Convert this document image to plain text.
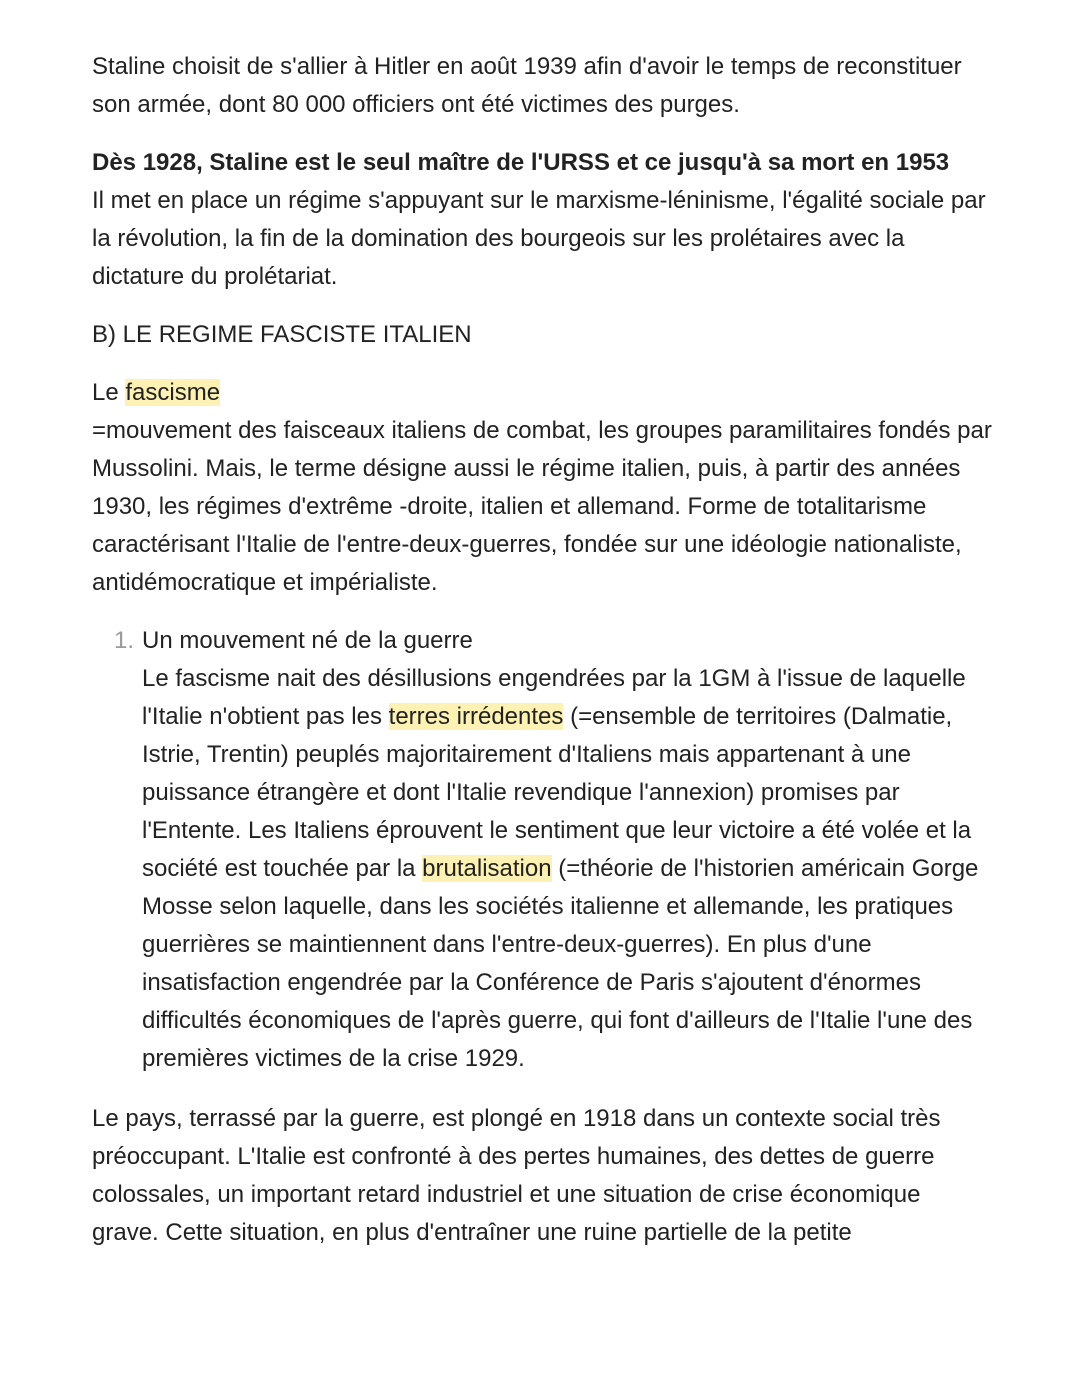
Staline choisit de s'allier à Hitler en août 1939 afin d'avoir le temps de reconstituer son armée, dont 80 000 officiers ont été victimes des purges.

Dès 1928, Staline est le seul maître de l'URSS et ce jusqu'à sa mort en 1953

Il met en place un régime s'appuyant sur le marxisme-léninisme, l'égalité sociale par la révolution, la fin de la domination des bourgeois sur les prolétaires avec la dictature du prolétariat.

B) LE REGIME FASCISTE ITALIEN

Le fascisme

=mouvement des faisceaux italiens de combat, les groupes paramilitaires fondés par Mussolini. Mais, le terme désigne aussi le régime italien, puis, à partir des années 1930, les régimes d'extrême -droite, italien et allemand. Forme de totalitarisme caractérisant l'Italie de l'entre-deux-guerres, fondée sur une idéologie nationaliste, antidémocratique et impérialiste.

1. Un mouvement né de la guerre

Le fascisme nait des désillusions engendrées par la 1GM à l'issue de laquelle l'Italie n'obtient pas les terres irrédentes (=ensemble de territoires (Dalmatie, Istrie, Trentin) peuplés majoritairement d'Italiens mais appartenant à une puissance étrangère et dont l'Italie revendique l'annexion) promises par l'Entente. Les Italiens éprouvent le sentiment que leur victoire a été volée et la société est touchée par la brutalisation (=théorie de l'historien américain Gorge Mosse selon laquelle, dans les sociétés italienne et allemande, les pratiques guerrières se maintiennent dans l'entre-deux-guerres). En plus d'une insatisfaction engendrée par la Conférence de Paris s'ajoutent d'énormes difficultés économiques de l'après guerre, qui font d'ailleurs de l'Italie l'une des premières victimes de la crise 1929.

Le pays, terrassé par la guerre, est plongé en 1918 dans un contexte social très préoccupant. L'Italie est confronté à des pertes humaines, des dettes de guerre colossales, un important retard industriel et une situation de crise économique grave. Cette situation, en plus d'entraîner une ruine partielle de la petite
